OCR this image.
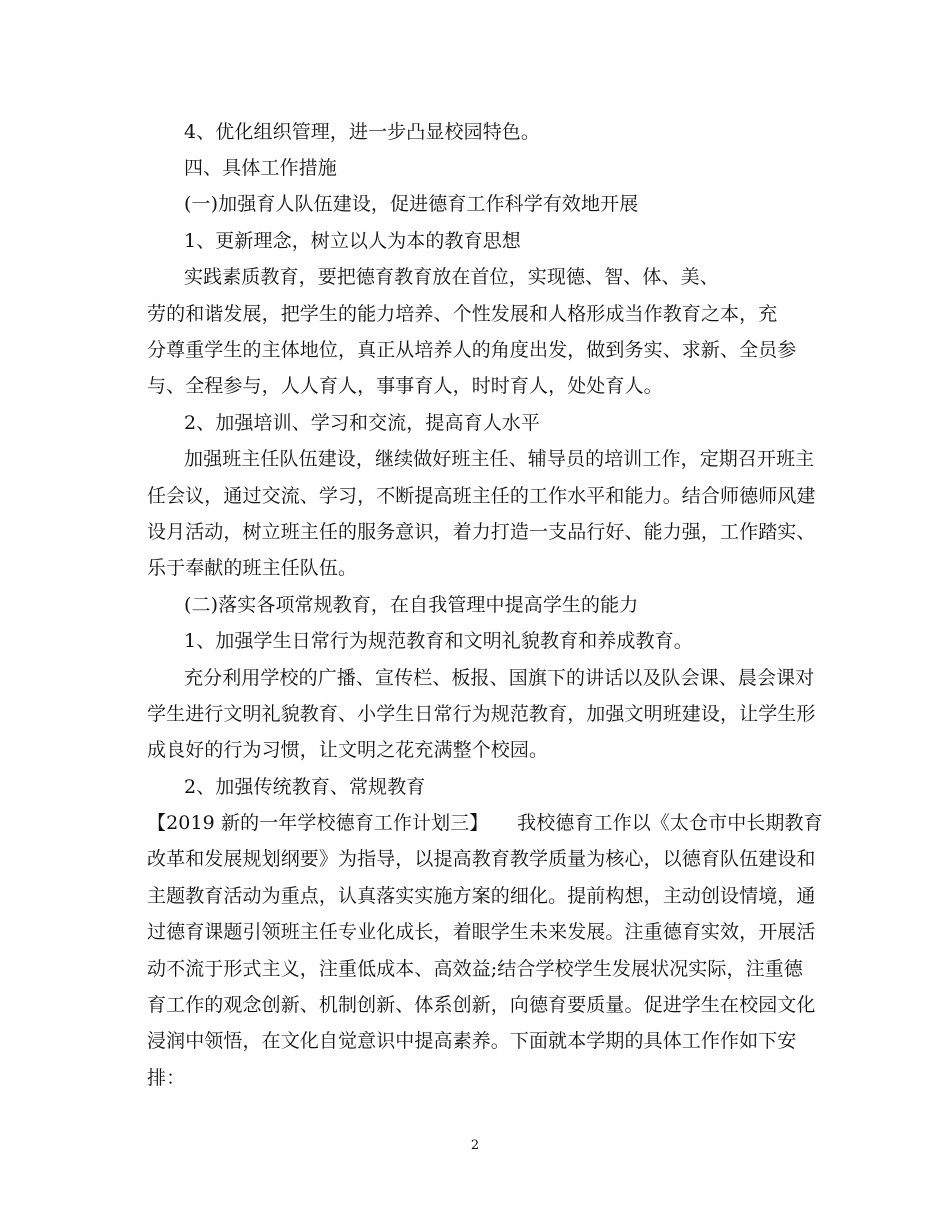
4、优化组织管理，进一步凸显校园特色。
四、具体工作措施
(一)加强育人队伍建设，促进德育工作科学有效地开展
1、更新理念，树立以人为本的教育思想
实践素质教育，要把德育教育放在首位，实现德、智、体、美、
劳的和谐发展，把学生的能力培养、个性发展和人格形成当作教育之本，充
分尊重学生的主体地位，真正从培养人的角度出发，做到务实、求新、全员参
与、全程参与，人人育人，事事育人，时时育人，处处育人。
2、加强培训、学习和交流，提高育人水平
加强班主任队伍建设，继续做好班主任、辅导员的培训工作，定期召开班主
任会议，通过交流、学习，不断提高班主任的工作水平和能力。结合师德师风建
设月活动，树立班主任的服务意识，着力打造一支品行好、能力强，工作踏实、
乐于奉献的班主任队伍。
(二)落实各项常规教育，在自我管理中提高学生的能力
1、加强学生日常行为规范教育和文明礼貌教育和养成教育。
充分利用学校的广播、宣传栏、板报、国旗下的讲话以及队会课、晨会课对
学生进行文明礼貌教育、小学生日常行为规范教育，加强文明班建设，让学生形
成良好的行为习惯，让文明之花充满整个校园。
2、加强传统教育、常规教育
【2019 新的一年学校德育工作计划三】　　我校德育工作以《太仓市中长期教育
改革和发展规划纲要》为指导，以提高教育教学质量为核心，以德育队伍建设和
主题教育活动为重点，认真落实实施方案的细化。提前构想，主动创设情境，通
过德育课题引领班主任专业化成长，着眼学生未来发展。注重德育实效，开展活
动不流于形式主义，注重低成本、高效益;结合学校学生发展状况实际，注重德
育工作的观念创新、机制创新、体系创新，向德育要质量。促进学生在校园文化
浸润中领悟，在文化自觉意识中提高素养。下面就本学期的具体工作作如下安
排：
2
